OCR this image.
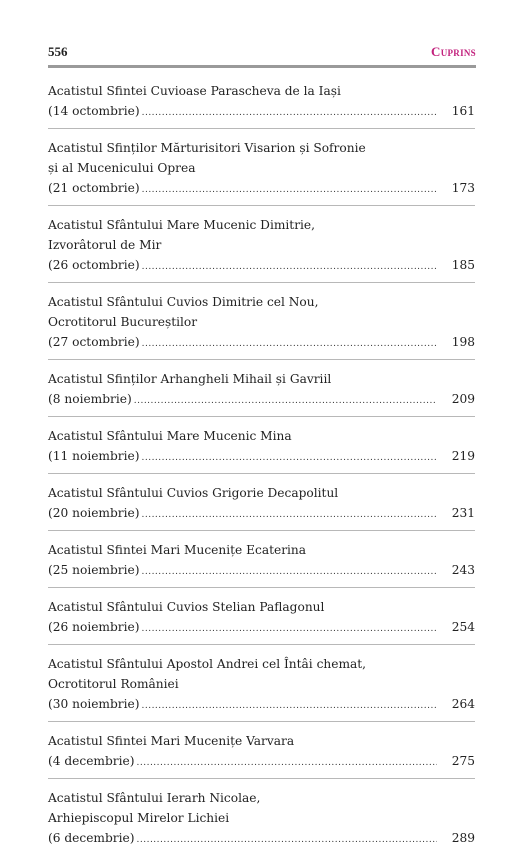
556	Cuprins
Acatistul Sfintei Cuvioase Parascheva de la Iași
(14 octombrie) .....	161
Acatistul Sfinților Mărturisitori Visarion și Sofronie
și al Mucenicului Oprea
(21 octombrie) .....	173
Acatistul Sfântului Mare Mucenic Dimitrie,
Izvorâtorul de Mir
(26 octombrie) .....	185
Acatistul Sfântului Cuvios Dimitrie cel Nou,
Ocrotitorul Bucureștilor
(27 octombrie) .....	198
Acatistul Sfinților Arhangheli Mihail și Gavriil
(8 noiembrie) .....	209
Acatistul Sfântului Mare Mucenic Mina
(11 noiembrie) .....	219
Acatistul Sfântului Cuvios Grigorie Decapolitul
(20 noiembrie) .....	231
Acatistul Sfintei Mari Mucenițe Ecaterina
(25 noiembrie) .....	243
Acatistul Sfântului Cuvios Stelian Paflagonul
(26 noiembrie) .....	254
Acatistul Sfântului Apostol Andrei cel Întâi chemat,
Ocrotitorul României
(30 noiembrie) .....	264
Acatistul Sfintei Mari Mucenițe Varvara
(4 decembrie) .....	275
Acatistul Sfântului Ierarh Nicolae,
Arhiepiscopul Mirelor Lichiei
(6 decembrie) .....	289
